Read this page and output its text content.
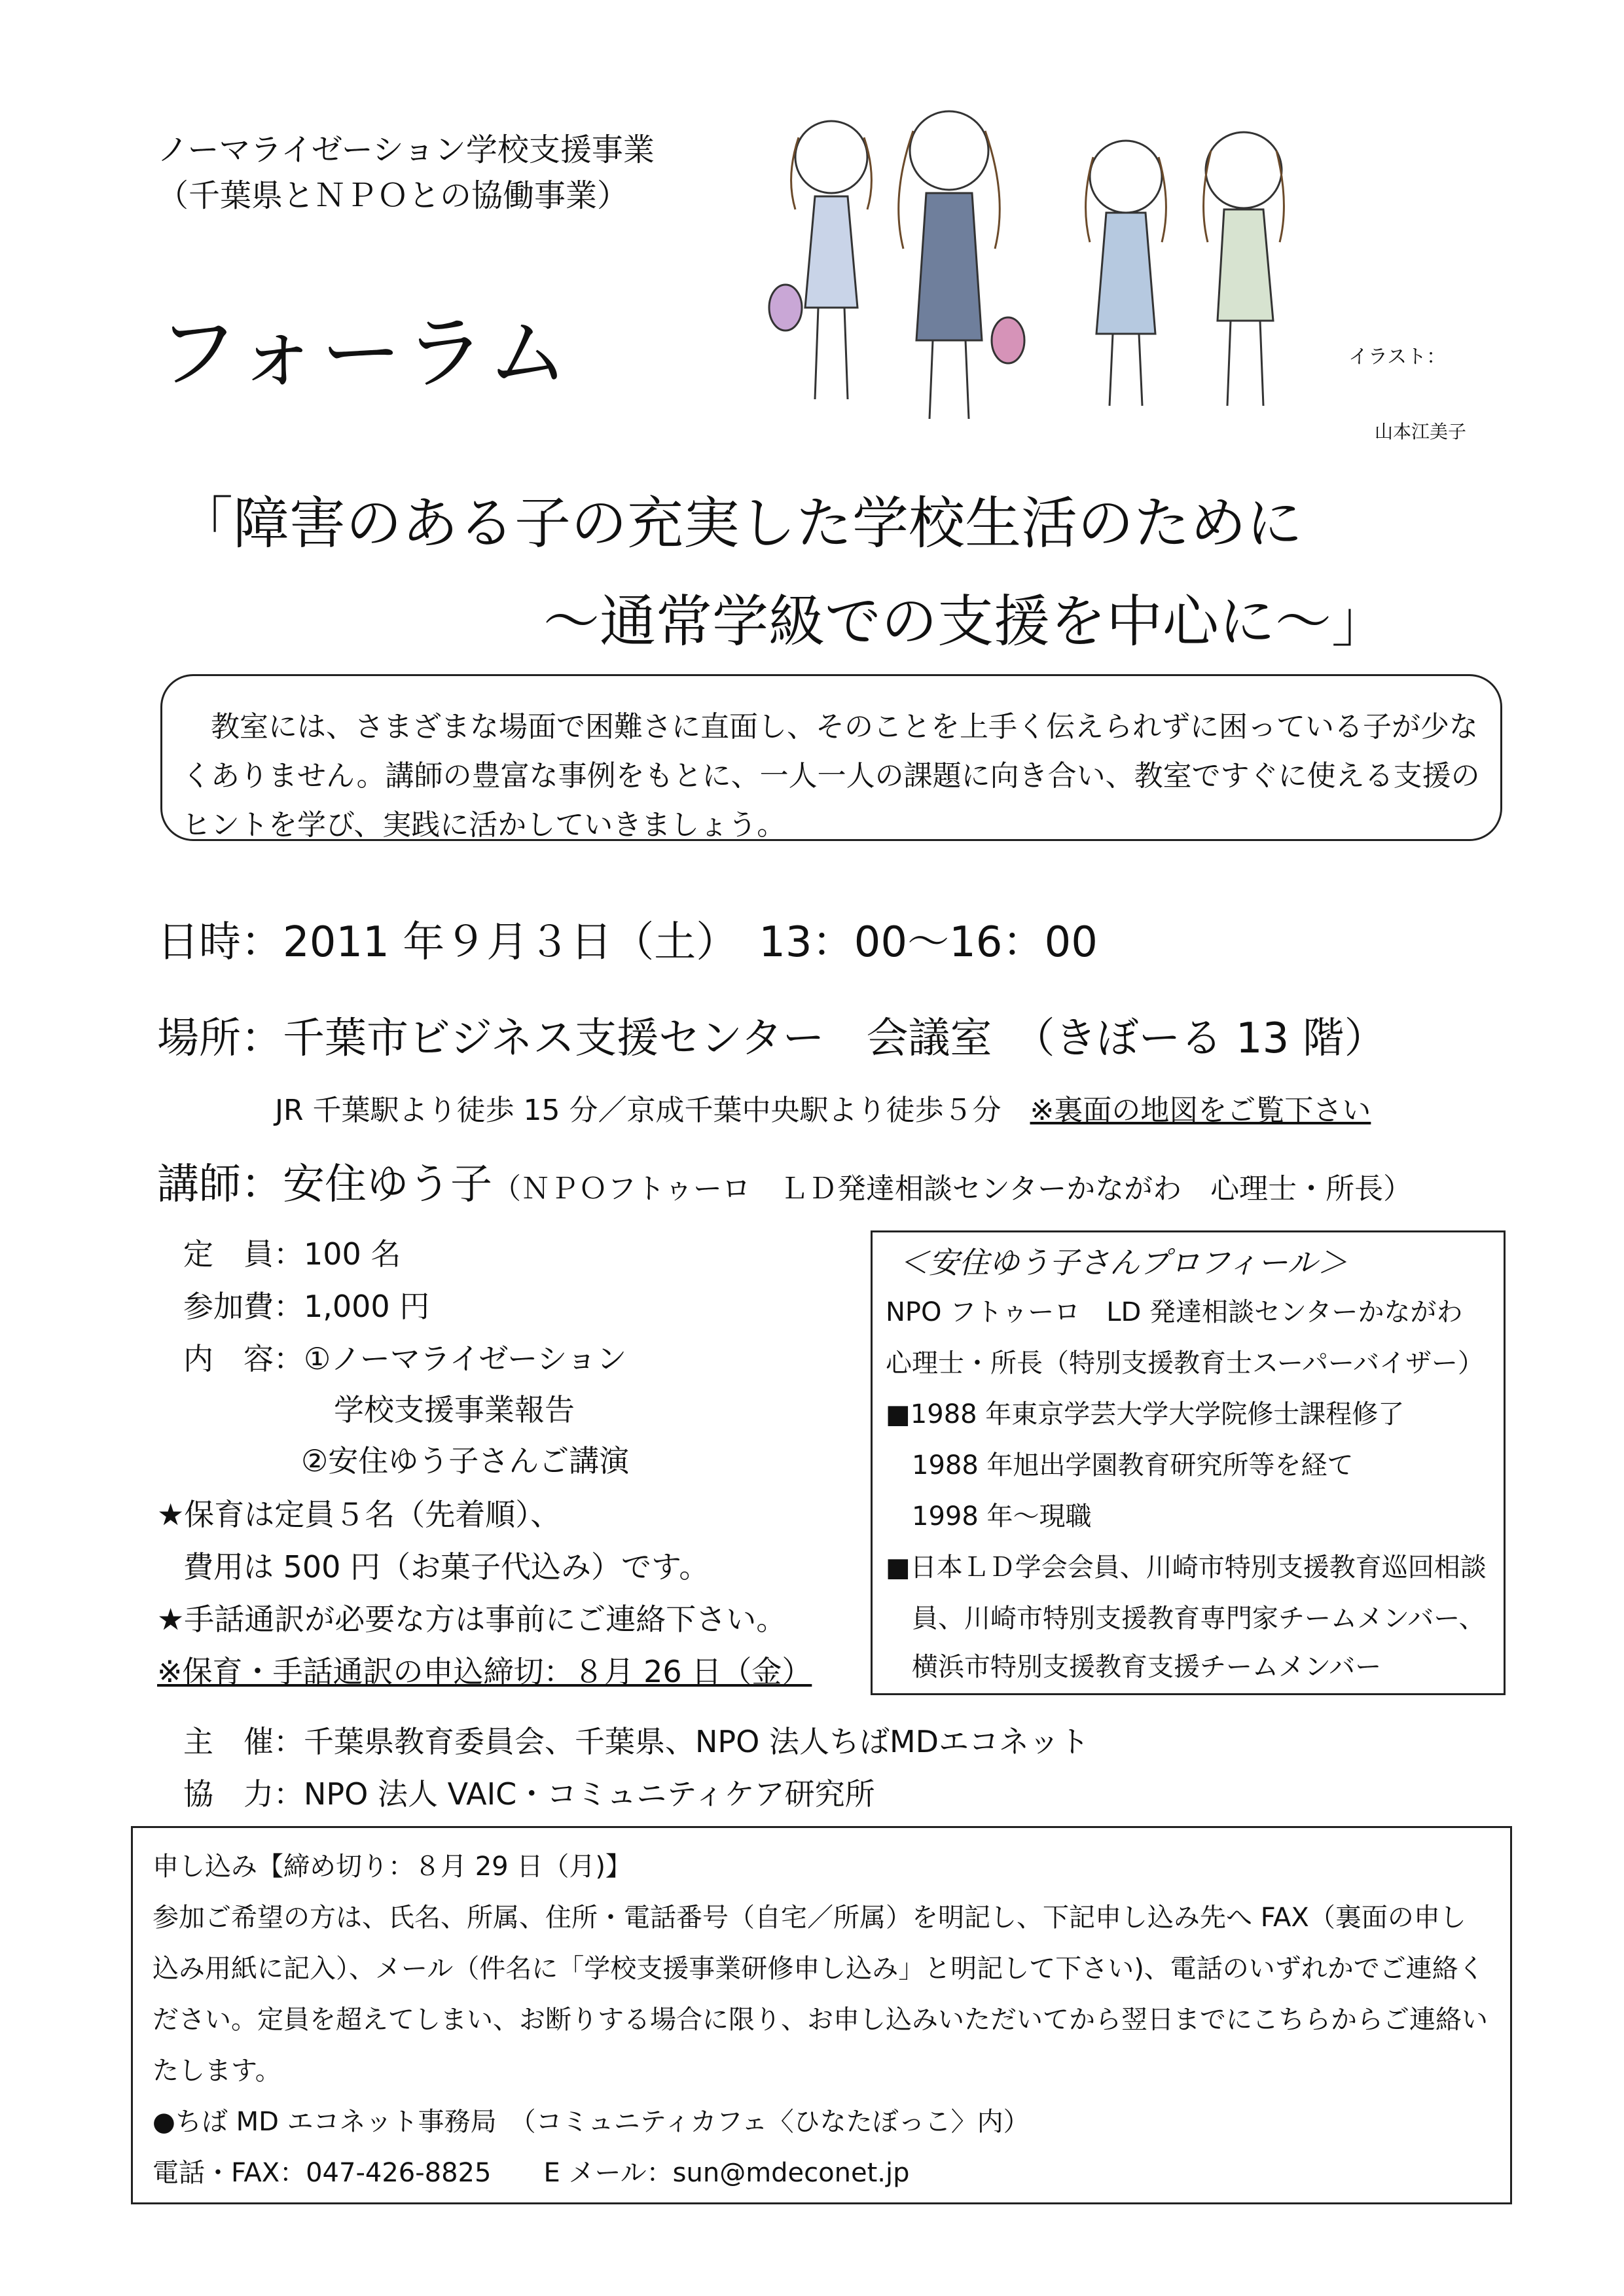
ノーマライゼーション学校支援事業
（千葉県とＮＰＯとの協働事業）
フォーラム	イラスト：
山本江美子
「障害のある子の充実した学校生活のために
～通常学級での支援を中心に～」

　教室には、さまざまな場面で困難さに直面し、そのことを上手く伝えられずに困っている子が少なくありません。講師の豊富な事例をもとに、一人一人の課題に向き合い、教室ですぐに使える支援のヒントを学び、実践に活かしていきましょう。

日時：2011 年９月３日（土）　13：00～16：00
場所：千葉市ビジネス支援センター　会議室　（きぼーる 13 階）
JR 千葉駅より徒歩 15 分／京成千葉中央駅より徒歩５分　※裏面の地図をご覧下さい
講師：安住ゆう子（ＮＰＯフトゥーロ　ＬＤ発達相談センターかながわ　心理士・所長）
定　員：100 名
参加費：1,000 円
内　容：①ノーマライゼーション
学校支援事業報告
②安住ゆう子さんご講演
★保育は定員５名（先着順）、
費用は 500 円（お菓子代込み）です。
★手話通訳が必要な方は事前にご連絡下さい。
※保育・手話通訳の申込締切：８月 26 日（金）
＜安住ゆう子さんプロフィール＞
NPO フトゥーロ　LD 発達相談センターかながわ
心理士・所長（特別支援教育士スーパーバイザー）
■1988 年東京学芸大学大学院修士課程修了
1988 年旭出学園教育研究所等を経て
1998 年～現職
■日本ＬＤ学会会員、川崎市特別支援教育巡回相談
員、川崎市特別支援教育専門家チームメンバー、
横浜市特別支援教育支援チームメンバー
主　催：千葉県教育委員会、千葉県、NPO 法人ちばMDエコネット
協　力：NPO 法人 VAIC・コミュニティケア研究所

申し込み【締め切り：８月 29 日（月)】

参加ご希望の方は、氏名、所属、住所・電話番号（自宅／所属）を明記し、下記申し込み先へ FAX（裏面の申し込み用紙に記入）、メール（件名に「学校支援事業研修申し込み」と明記して下さい)、電話のいずれかでご連絡ください。定員を超えてしまい、お断りする場合に限り、お申し込みいただいてから翌日までにこちらからご連絡いたします。

●ちば MD エコネット事務局　（コミュニティカフェ〈ひなたぼっこ〉内）

電話・FAX：047-426-8825　　E メール：sun@mdeconet.jp
